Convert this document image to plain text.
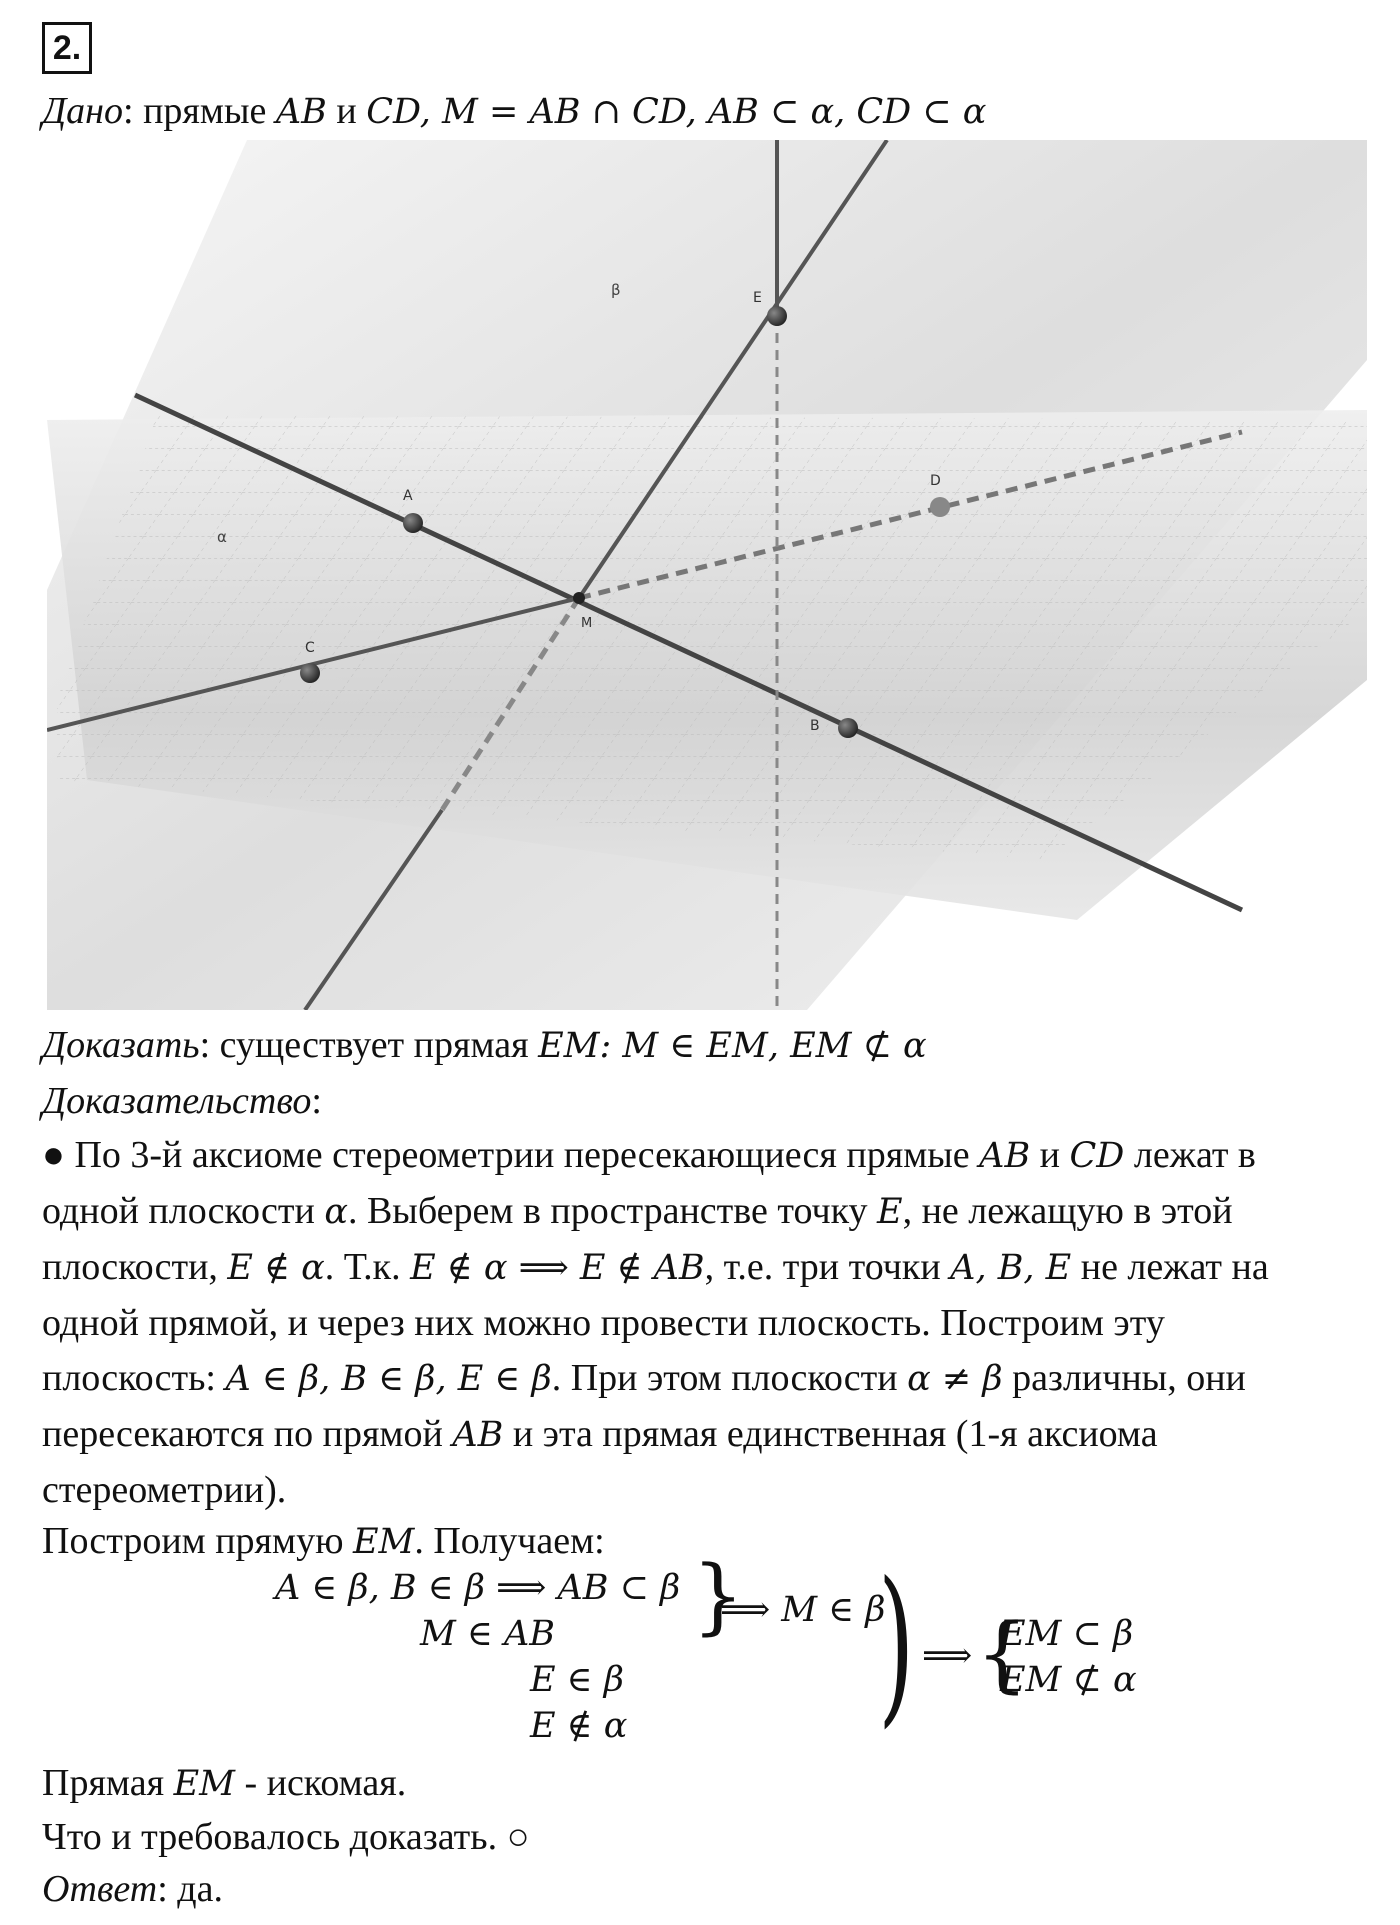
2.
Дано: прямые AB и CD, M = AB ∩ CD, AB ⊂ α, CD ⊂ α
β
α
A
B
C
D
E
M
Доказать: существует прямая EM: M ∈ EM, EM ⊄ α
Доказательство:
● По 3-й аксиоме стереометрии пересекающиеся прямые AB и CD лежат в
одной плоскости α. Выберем в пространстве точку E, не лежащую в этой
плоскости, E ∉ α. Т.к. E ∉ α ⟹ E ∉ AB, т.е. три точки A, B, E не лежат на
одной прямой, и через них можно провести плоскость. Построим эту
плоскость: A ∈ β, B ∈ β, E ∈ β. При этом плоскости α ≠ β различны, они
пересекаются по прямой AB и эта прямая единственная (1-я аксиома
стереометрии).
Построим прямую EM. Получаем:
A ∈ β, B ∈ β ⟹ AB ⊂ β
M ∈ AB
E ∈ β
E ∉ α
}
⟹ M ∈ β
) ⟹ {
EM ⊂ β
EM ⊄ α
Прямая EM - искомая.
Что и требовалось доказать. ○
Ответ: да.
